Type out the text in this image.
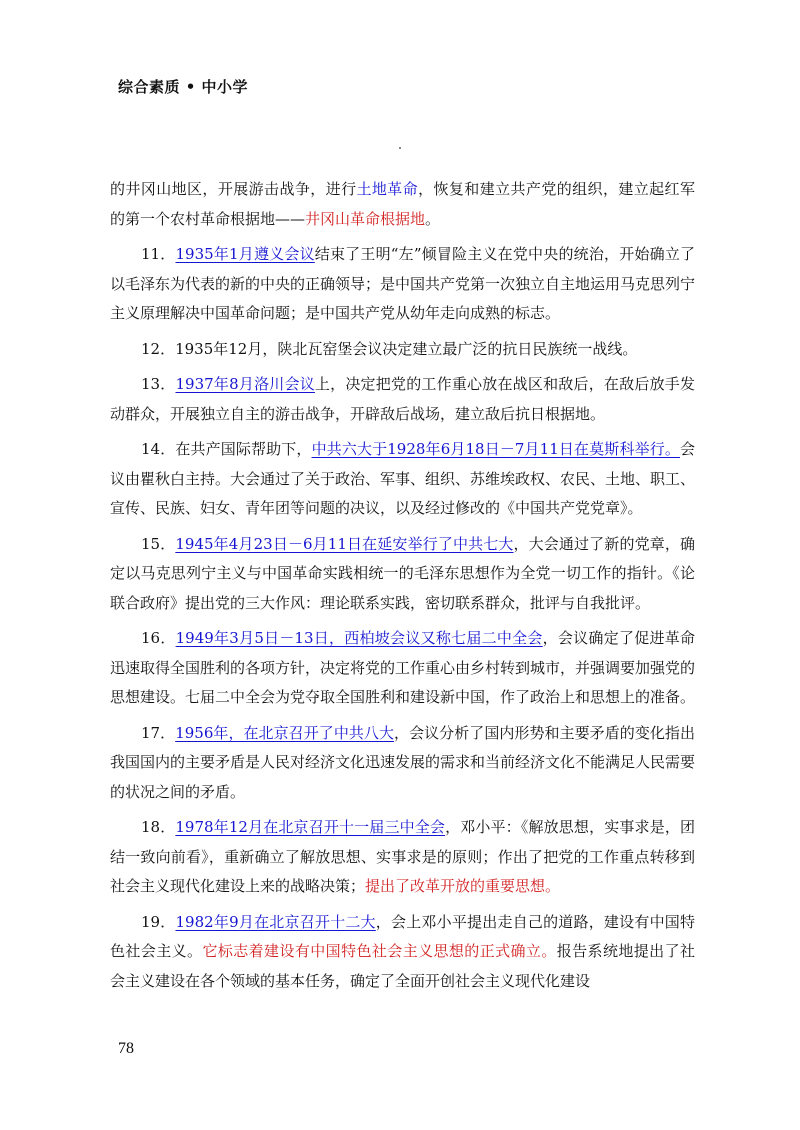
综合素质 • 中小学

的井冈山地区，开展游击战争，进行土地革命，恢复和建立共产党的组织，建立起红军的第一个农村革命根据地——井冈山革命根据地。

11．1935年1月遵义会议结束了王明“左”倾冒险主义在党中央的统治，开始确立了以毛泽东为代表的新的中央的正确领导；是中国共产党第一次独立自主地运用马克思列宁主义原理解决中国革命问题；是中国共产党从幼年走向成熟的标志。

12．1935年12月，陕北瓦窑堡会议决定建立最广泛的抗日民族统一战线。

13．1937年8月洛川会议上，决定把党的工作重心放在战区和敌后，在敌后放手发动群众，开展独立自主的游击战争，开辟敌后战场，建立敌后抗日根据地。

14．在共产国际帮助下，中共六大于1928年6月18日－7月11日在莫斯科举行。会议由瞿秋白主持。大会通过了关于政治、军事、组织、苏维埃政权、农民、土地、职工、宣传、民族、妇女、青年团等问题的决议，以及经过修改的《中国共产党党章》。

15．1945年4月23日－6月11日在延安举行了中共七大，大会通过了新的党章，确定以马克思列宁主义与中国革命实践相统一的毛泽东思想作为全党一切工作的指针。《论联合政府》提出党的三大作风：理论联系实践，密切联系群众，批评与自我批评。

16．1949年3月5日－13日，西柏坡会议又称七届二中全会，会议确定了促进革命迅速取得全国胜利的各项方针，决定将党的工作重心由乡村转到城市，并强调要加强党的思想建设。七届二中全会为党夺取全国胜利和建设新中国，作了政治上和思想上的准备。

17．1956年，在北京召开了中共八大，会议分析了国内形势和主要矛盾的变化指出我国国内的主要矛盾是人民对经济文化迅速发展的需求和当前经济文化不能满足人民需要的状况之间的矛盾。

18．1978年12月在北京召开十一届三中全会，邓小平：《解放思想，实事求是，团结一致向前看》，重新确立了解放思想、实事求是的原则；作出了把党的工作重点转移到社会主义现代化建设上来的战略决策；提出了改革开放的重要思想。

19．1982年9月在北京召开十二大，会上邓小平提出走自己的道路，建设有中国特色社会主义。它标志着建设有中国特色社会主义思想的正式确立。报告系统地提出了社会主义建设在各个领域的基本任务，确定了全面开创社会主义现代化建设

78
